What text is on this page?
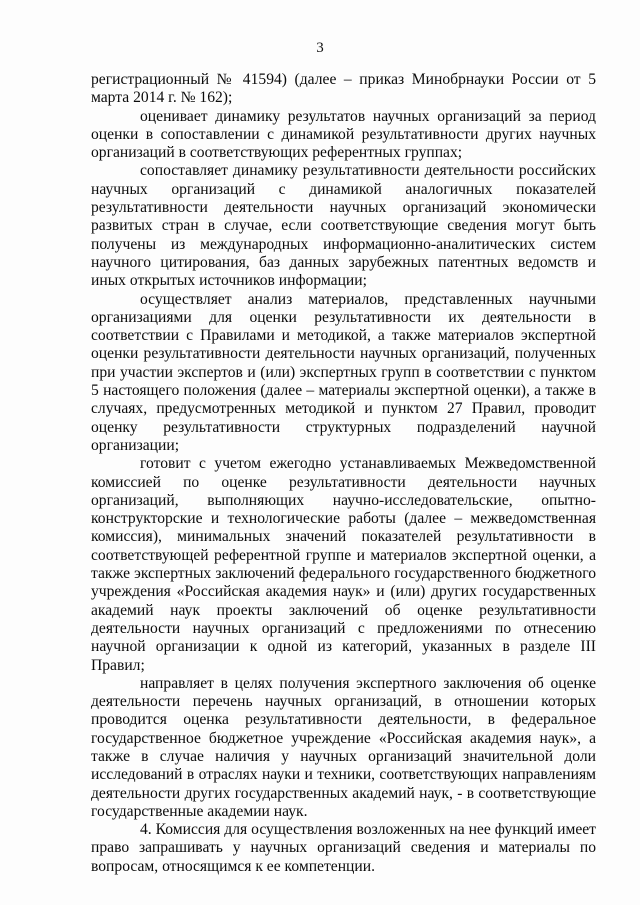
3

регистрационный № 41594) (далее – приказ Минобрнауки России от 5 марта 2014 г. № 162);

оценивает динамику результатов научных организаций за период оценки в сопоставлении с динамикой результативности других научных организаций в соответствующих референтных группах;

сопоставляет динамику результативности деятельности российских научных организаций с динамикой аналогичных показателей результативности деятельности научных организаций экономически развитых стран в случае, если соответствующие сведения могут быть получены из международных информационно-аналитических систем научного цитирования, баз данных зарубежных патентных ведомств и иных открытых источников информации;

осуществляет анализ материалов, представленных научными организациями для оценки результативности их деятельности в соответствии с Правилами и методикой, а также материалов экспертной оценки результативности деятельности научных организаций, полученных при участии экспертов и (или) экспертных групп в соответствии с пунктом 5 настоящего положения (далее – материалы экспертной оценки), а также в случаях, предусмотренных методикой и пунктом 27 Правил, проводит оценку результативности структурных подразделений научной организации;

готовит с учетом ежегодно устанавливаемых Межведомственной комиссией по оценке результативности деятельности научных организаций, выполняющих научно-исследовательские, опытно-конструкторские и технологические работы (далее – межведомственная комиссия), минимальных значений показателей результативности в соответствующей референтной группе и материалов экспертной оценки, а также экспертных заключений федерального государственного бюджетного учреждения «Российская академия наук» и (или) других государственных академий наук проекты заключений об оценке результативности деятельности научных организаций с предложениями по отнесению научной организации к одной из категорий, указанных в разделе III Правил;

направляет в целях получения экспертного заключения об оценке деятельности перечень научных организаций, в отношении которых проводится оценка результативности деятельности, в федеральное государственное бюджетное учреждение «Российская академия наук», а также в случае наличия у научных организаций значительной доли исследований в отраслях науки и техники, соответствующих направлениям деятельности других государственных академий наук, - в соответствующие государственные академии наук.

4. Комиссия для осуществления возложенных на нее функций имеет право запрашивать у научных организаций сведения и материалы по вопросам, относящимся к ее компетенции.
